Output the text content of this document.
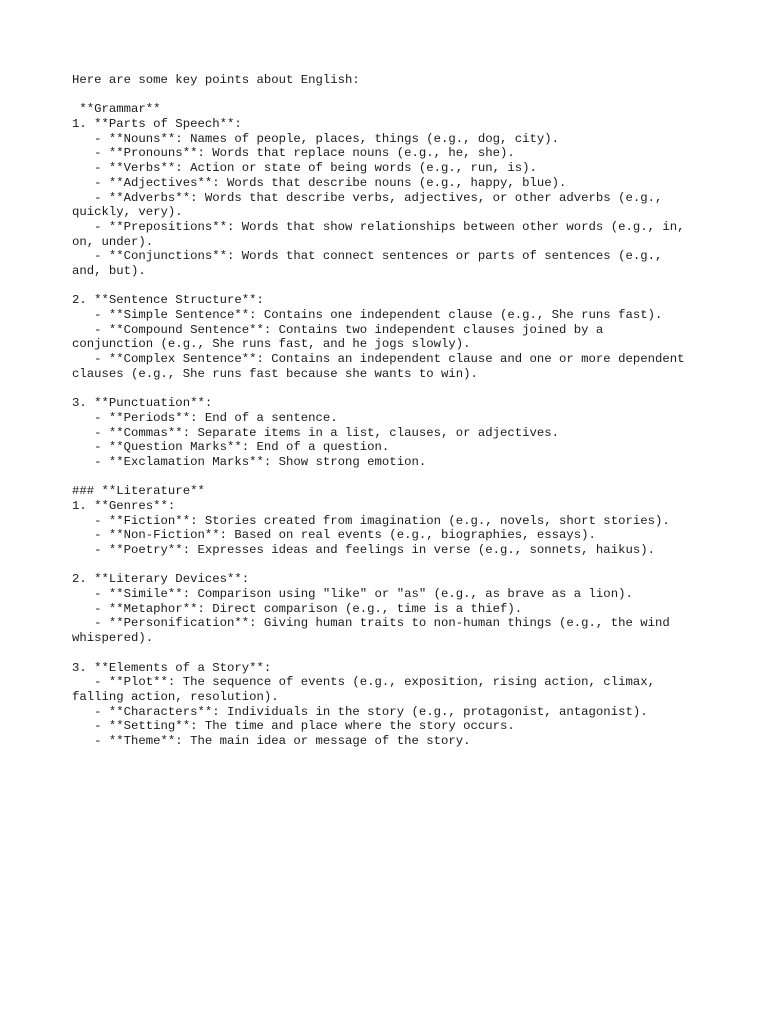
Here are some key points about English:
**Grammar**
1. **Parts of Speech**:
- **Nouns**: Names of people, places, things (e.g., dog, city).
- **Pronouns**: Words that replace nouns (e.g., he, she).
- **Verbs**: Action or state of being words (e.g., run, is).
- **Adjectives**: Words that describe nouns (e.g., happy, blue).
- **Adverbs**: Words that describe verbs, adjectives, or other adverbs (e.g.,
quickly, very).
- **Prepositions**: Words that show relationships between other words (e.g., in,
on, under).
- **Conjunctions**: Words that connect sentences or parts of sentences (e.g.,
and, but).
2. **Sentence Structure**:
- **Simple Sentence**: Contains one independent clause (e.g., She runs fast).
- **Compound Sentence**: Contains two independent clauses joined by a
conjunction (e.g., She runs fast, and he jogs slowly).
- **Complex Sentence**: Contains an independent clause and one or more dependent
clauses (e.g., She runs fast because she wants to win).
3. **Punctuation**:
- **Periods**: End of a sentence.
- **Commas**: Separate items in a list, clauses, or adjectives.
- **Question Marks**: End of a question.
- **Exclamation Marks**: Show strong emotion.
### **Literature**
1. **Genres**:
- **Fiction**: Stories created from imagination (e.g., novels, short stories).
- **Non-Fiction**: Based on real events (e.g., biographies, essays).
- **Poetry**: Expresses ideas and feelings in verse (e.g., sonnets, haikus).
2. **Literary Devices**:
- **Simile**: Comparison using "like" or "as" (e.g., as brave as a lion).
- **Metaphor**: Direct comparison (e.g., time is a thief).
- **Personification**: Giving human traits to non-human things (e.g., the wind
whispered).
3. **Elements of a Story**:
- **Plot**: The sequence of events (e.g., exposition, rising action, climax,
falling action, resolution).
- **Characters**: Individuals in the story (e.g., protagonist, antagonist).
- **Setting**: The time and place where the story occurs.
- **Theme**: The main idea or message of the story.
